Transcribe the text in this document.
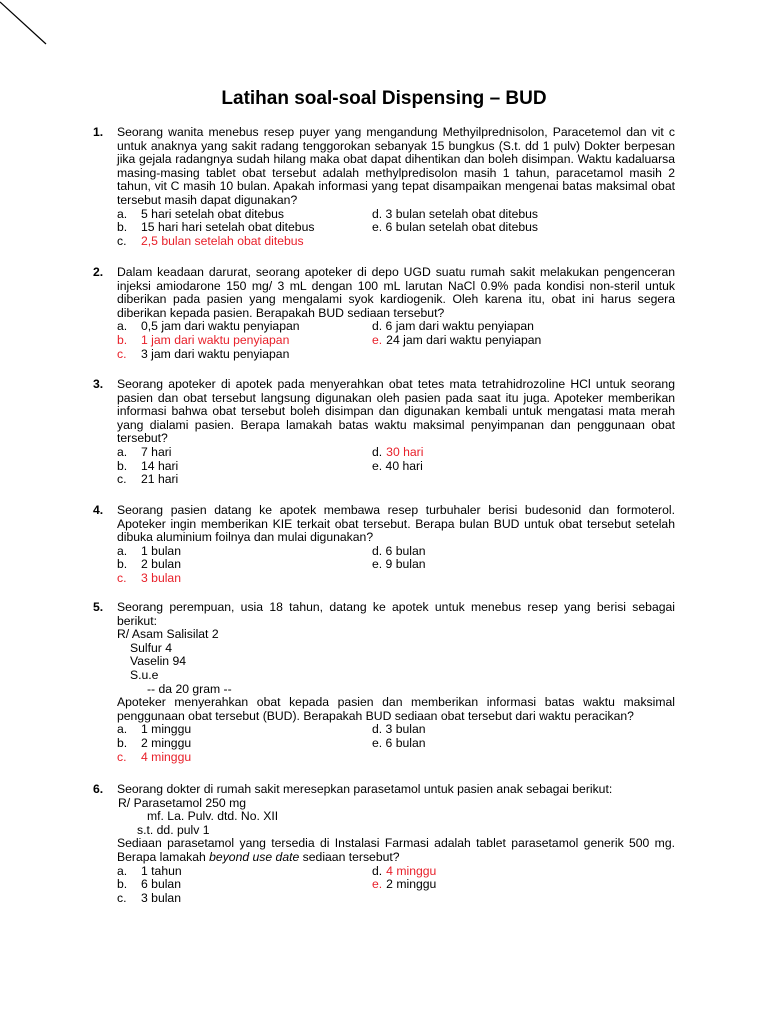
Latihan soal-soal Dispensing – BUD
1. Seorang wanita menebus resep puyer yang mengandung Methyilprednisolon, Paracetemol dan vit c untuk anaknya yang sakit radang tenggorokan sebanyak 15 bungkus (S.t. dd 1 pulv) Dokter berpesan jika gejala radangnya sudah hilang maka obat dapat dihentikan dan boleh disimpan. Waktu kadaluarsa masing-masing tablet obat tersebut adalah methylpredisolon masih 1 tahun, paracetamol masih 2 tahun, vit C masih 10 bulan. Apakah informasi yang tepat disampaikan mengenai batas maksimal obat tersebut masih dapat digunakan?
a.	5 hari setelah obat ditebus	d. 3 bulan setelah obat ditebus
b.	15 hari hari setelah obat ditebus	e. 6 bulan setelah obat ditebus
c.	2,5 bulan setelah obat ditebus
2. Dalam keadaan darurat, seorang apoteker di depo UGD suatu rumah sakit melakukan pengenceran injeksi amiodarone 150 mg/ 3 mL dengan 100 mL larutan NaCl 0.9% pada kondisi non-steril untuk diberikan pada pasien yang mengalami syok kardiogenik. Oleh karena itu, obat ini harus segera diberikan kepada pasien. Berapakah BUD sediaan tersebut?
a.	0,5 jam dari waktu penyiapan	d. 6 jam dari waktu penyiapan
b.	1 jam dari waktu penyiapan	e. 24 jam dari waktu penyiapan
c.	3 jam dari waktu penyiapan
3. Seorang apoteker di apotek pada menyerahkan obat tetes mata tetrahidrozoline HCl untuk seorang pasien dan obat tersebut langsung digunakan oleh pasien pada saat itu juga. Apoteker memberikan informasi bahwa obat tersebut boleh disimpan dan digunakan kembali untuk mengatasi mata merah yang dialami pasien. Berapa lamakah batas waktu maksimal penyimpanan dan penggunaan obat tersebut?
a.	7 hari	d. 30 hari
b.	14 hari	e. 40 hari
c.	21 hari
4. Seorang pasien datang ke apotek membawa resep turbuhaler berisi budesonid dan formoterol. Apoteker ingin memberikan KIE terkait obat tersebut. Berapa bulan BUD untuk obat tersebut setelah dibuka aluminium foilnya dan mulai digunakan?
a.	1 bulan	d. 6 bulan
b.	2 bulan	e. 9 bulan
c.	3 bulan
5. Seorang perempuan, usia 18 tahun, datang ke apotek untuk menebus resep yang berisi sebagai berikut:
R/ Asam Salisilat 2
Sulfur 4
Vaselin 94
S.u.e
-- da 20 gram --
Apoteker menyerahkan obat kepada pasien dan memberikan informasi batas waktu maksimal penggunaan obat tersebut (BUD). Berapakah BUD sediaan obat tersebut dari waktu peracikan?
a.	1 minggu	d. 3 bulan
b.	2 minggu	e. 6 bulan
c.	4 minggu
6. Seorang dokter di rumah sakit meresepkan parasetamol untuk pasien anak sebagai berikut:
R/ Parasetamol 250 mg
mf. La. Pulv. dtd. No. XII
s.t. dd. pulv 1
Sediaan parasetamol yang tersedia di Instalasi Farmasi adalah tablet parasetamol generik 500 mg. Berapa lamakah beyond use date sediaan tersebut?
a.	1 tahun	d. 4 minggu
b.	6 bulan	e. 2 minggu
c.	3 bulan
